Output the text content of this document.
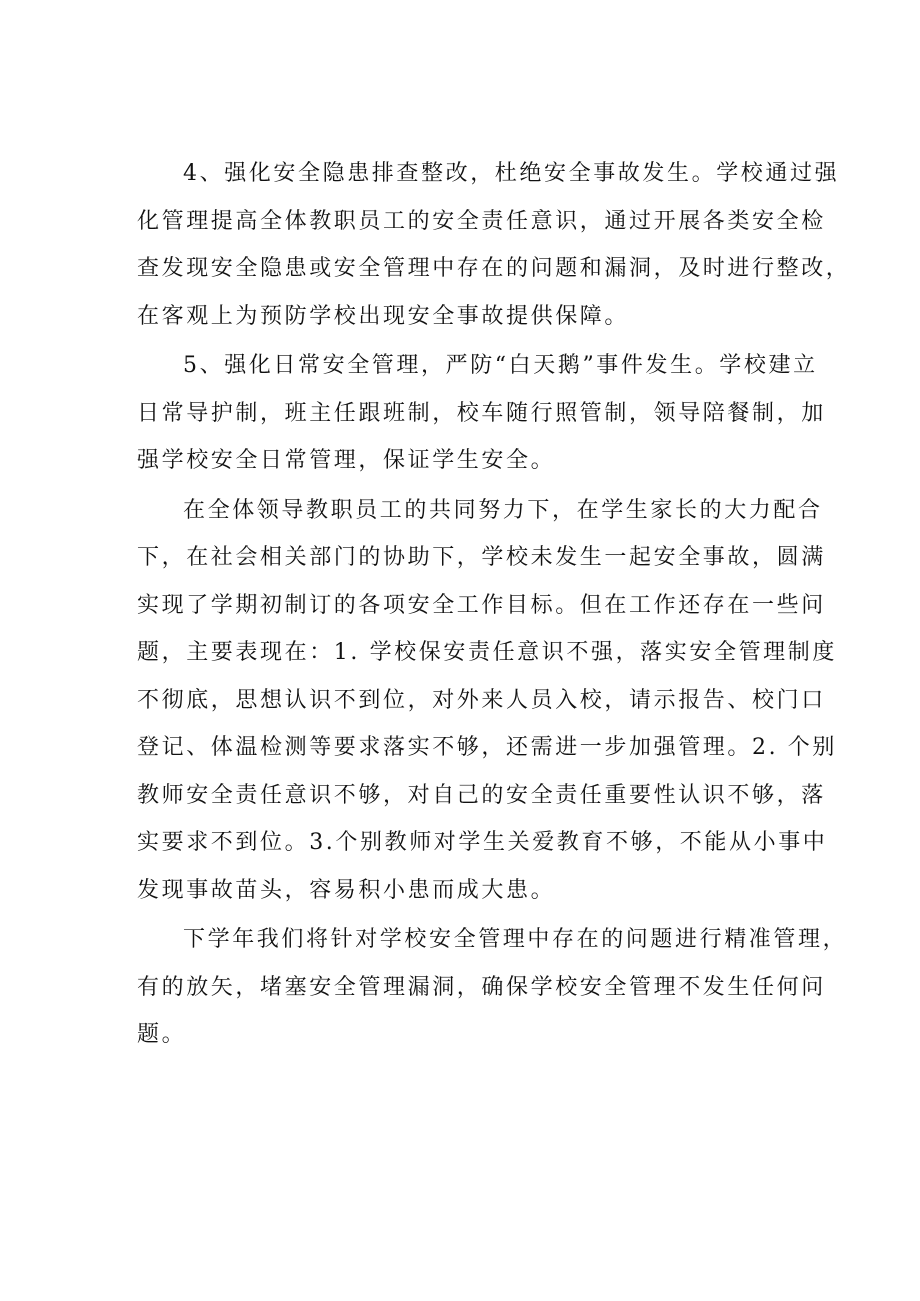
4、强化安全隐患排查整改，杜绝安全事故发生。学校通过强
化管理提高全体教职员工的安全责任意识，通过开展各类安全检
查发现安全隐患或安全管理中存在的问题和漏洞，及时进行整改，
在客观上为预防学校出现安全事故提供保障。
5、强化日常安全管理，严防“白天鹅”事件发生。学校建立
日常导护制，班主任跟班制，校车随行照管制，领导陪餐制，加
强学校安全日常管理，保证学生安全。
在全体领导教职员工的共同努力下，在学生家长的大力配合
下，在社会相关部门的协助下，学校未发生一起安全事故，圆满
实现了学期初制订的各项安全工作目标。但在工作还存在一些问
题，主要表现在：1. 学校保安责任意识不强，落实安全管理制度
不彻底，思想认识不到位，对外来人员入校，请示报告、校门口
登记、体温检测等要求落实不够，还需进一步加强管理。2. 个别
教师安全责任意识不够，对自己的安全责任重要性认识不够，落
实要求不到位。3.个别教师对学生关爱教育不够，不能从小事中
发现事故苗头，容易积小患而成大患。
下学年我们将针对学校安全管理中存在的问题进行精准管理，
有的放矢，堵塞安全管理漏洞，确保学校安全管理不发生任何问
题。
